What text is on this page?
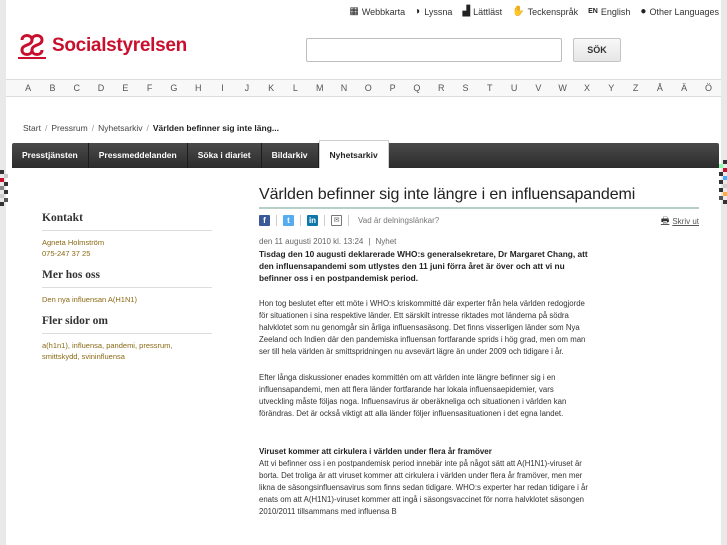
▦ Webbkarta ◗ Lyssna ▟ Lättläst ✋ Teckenspråk EN English ● Other Languages
Socialstyrelsen	SÖK
A	B	C	D	E	F	G	H	I	J	K	L	M	N	O	P	Q	R	S	T	U	V	W	X	Y	Z	Å	Ä	Ö
Start / Pressrum / Nyhetsarkiv / Världen befinner sig inte läng...
Presstjänsten	Pressmeddelanden	Söka i diariet	Bildarkiv	Nyhetsarkiv
Kontakt
Agneta Holmström
075-247 37 25
Mer hos oss
Den nya influensan A(H1N1)
Fler sidor om
a(h1n1), influensa, pandemi, pressrum, smittskydd, svininfluensa
Världen befinner sig inte längre i en influensapandemi
f	t	in	✉	Vad är delningslänkar?	🖶 Skriv ut
den 11 augusti 2010 kl. 13:24 | Nyhet

Tisdag den 10 augusti deklarerade WHO:s generalsekretare, Dr Margaret Chang, att den influensapandemi som utlystes den 11 juni förra året är över och att vi nu befinner oss i en postpandemisk period.

Hon tog beslutet efter ett möte i WHO:s kriskommitté där experter från hela världen redogjorde för situationen i sina respektive länder. Ett särskilt intresse riktades mot länderna på södra halvklotet som nu genomgår sin årliga influensasäsong. Det finns visserligen länder som Nya Zeeland och Indien där den pandemiska influensan fortfarande sprids i hög grad, men om man ser till hela världen är smittspridningen nu avsevärt lägre än under 2009 och tidigare i år.

Efter långa diskussioner enades kommittén om att världen inte längre befinner sig i en influensapandemi, men att flera länder fortfarande har lokala influensaepidemier, vars utveckling måste följas noga. Influensavirus är oberäkneliga och situationen i världen kan förändras. Det är också viktigt att alla länder följer influensasituationen i det egna landet.

Viruset kommer att cirkulera i världen under flera år framöver

Att vi befinner oss i en postpandemisk period innebär inte på något sätt att A(H1N1)-viruset är borta. Det troliga är att viruset kommer att cirkulera i världen under flera år framöver, men mer likna de säsongsinfluensavirus som finns sedan tidigare. WHO:s experter har redan tidigare i år enats om att A(H1N1)-viruset kommer att ingå i säsongsvaccinet för norra halvklotet säsongen 2010/2011 tillsammans med influensa B
